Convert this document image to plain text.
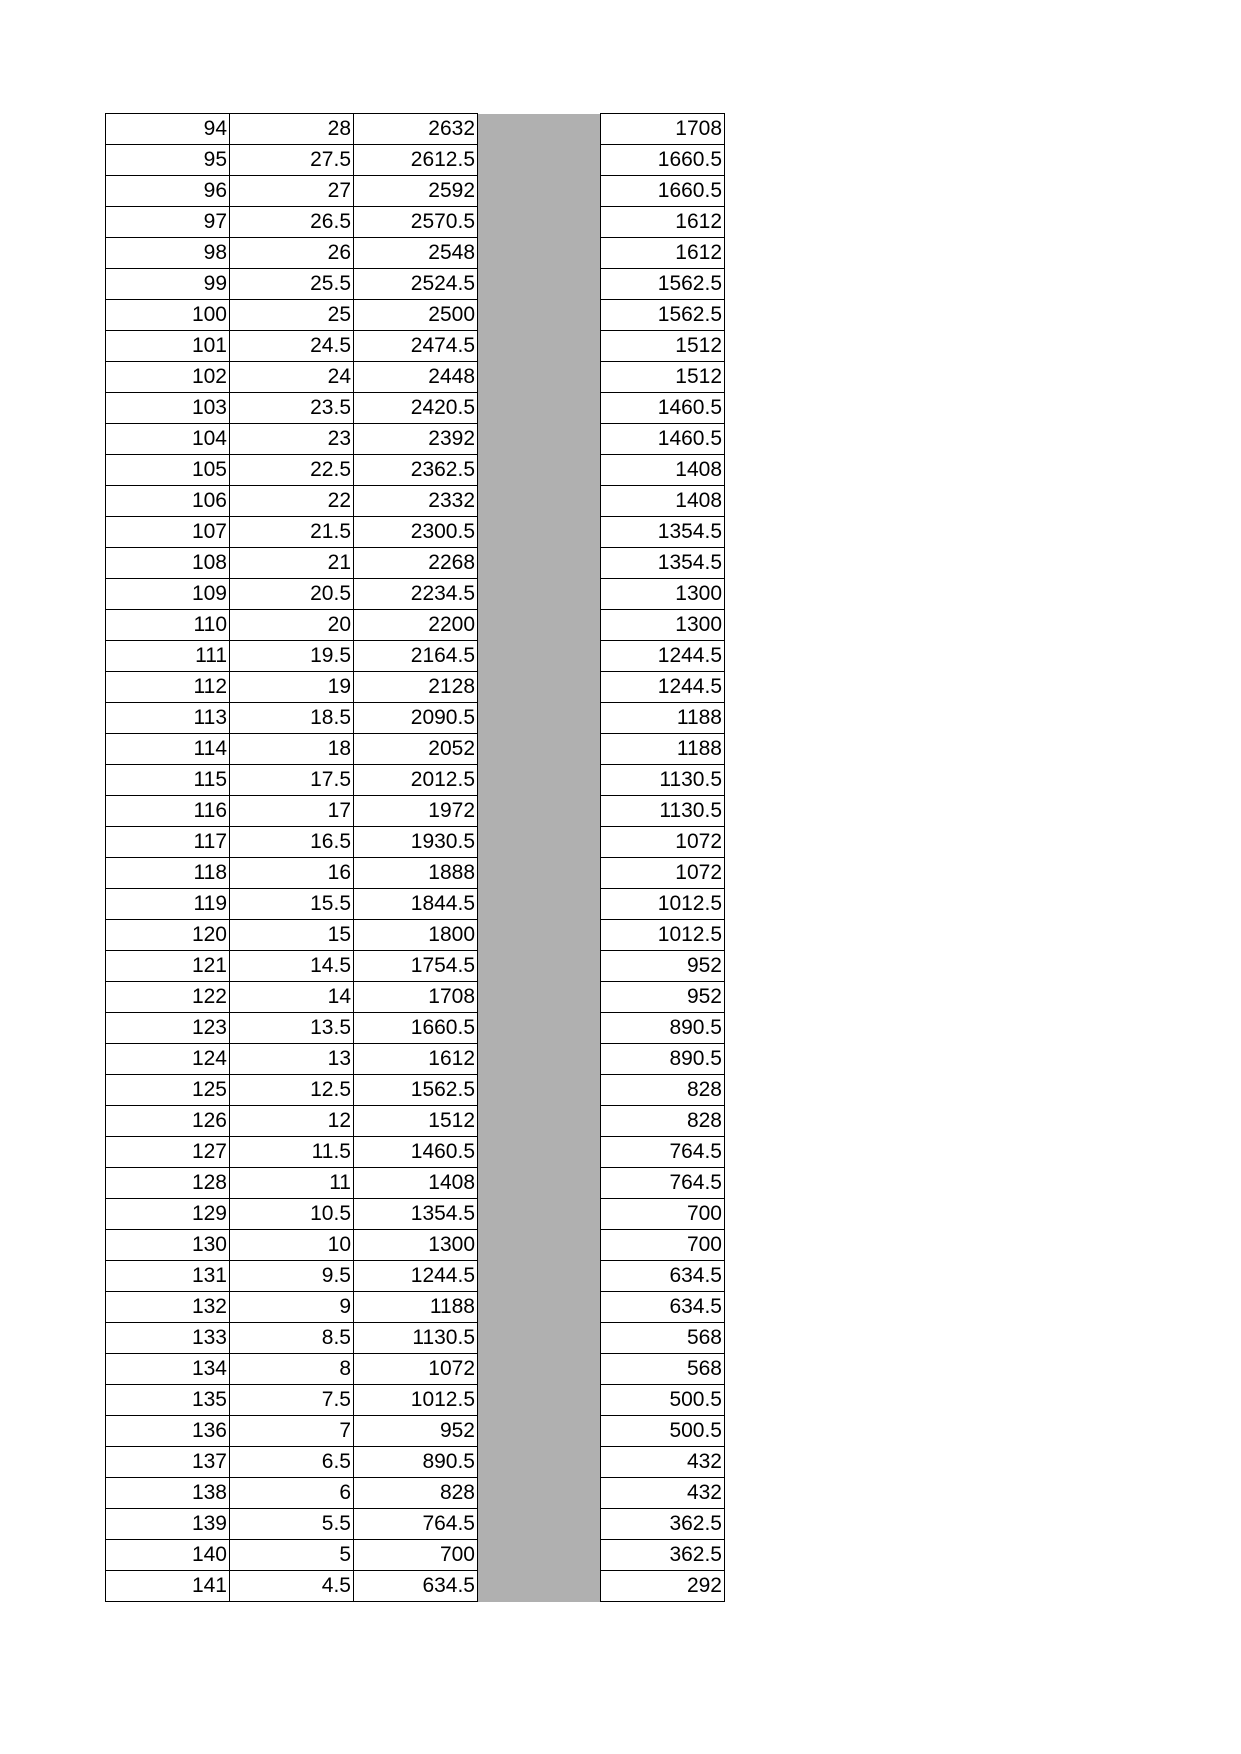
94	28	2632		1708
95	27.5	2612.5		1660.5
96	27	2592		1660.5
97	26.5	2570.5		1612
98	26	2548		1612
99	25.5	2524.5		1562.5
100	25	2500		1562.5
101	24.5	2474.5		1512
102	24	2448		1512
103	23.5	2420.5		1460.5
104	23	2392		1460.5
105	22.5	2362.5		1408
106	22	2332		1408
107	21.5	2300.5		1354.5
108	21	2268		1354.5
109	20.5	2234.5		1300
110	20	2200		1300
111	19.5	2164.5		1244.5
112	19	2128		1244.5
113	18.5	2090.5		1188
114	18	2052		1188
115	17.5	2012.5		1130.5
116	17	1972		1130.5
117	16.5	1930.5		1072
118	16	1888		1072
119	15.5	1844.5		1012.5
120	15	1800		1012.5
121	14.5	1754.5		952
122	14	1708		952
123	13.5	1660.5		890.5
124	13	1612		890.5
125	12.5	1562.5		828
126	12	1512		828
127	11.5	1460.5		764.5
128	11	1408		764.5
129	10.5	1354.5		700
130	10	1300		700
131	9.5	1244.5		634.5
132	9	1188		634.5
133	8.5	1130.5		568
134	8	1072		568
135	7.5	1012.5		500.5
136	7	952		500.5
137	6.5	890.5		432
138	6	828		432
139	5.5	764.5		362.5
140	5	700		362.5
141	4.5	634.5		292
